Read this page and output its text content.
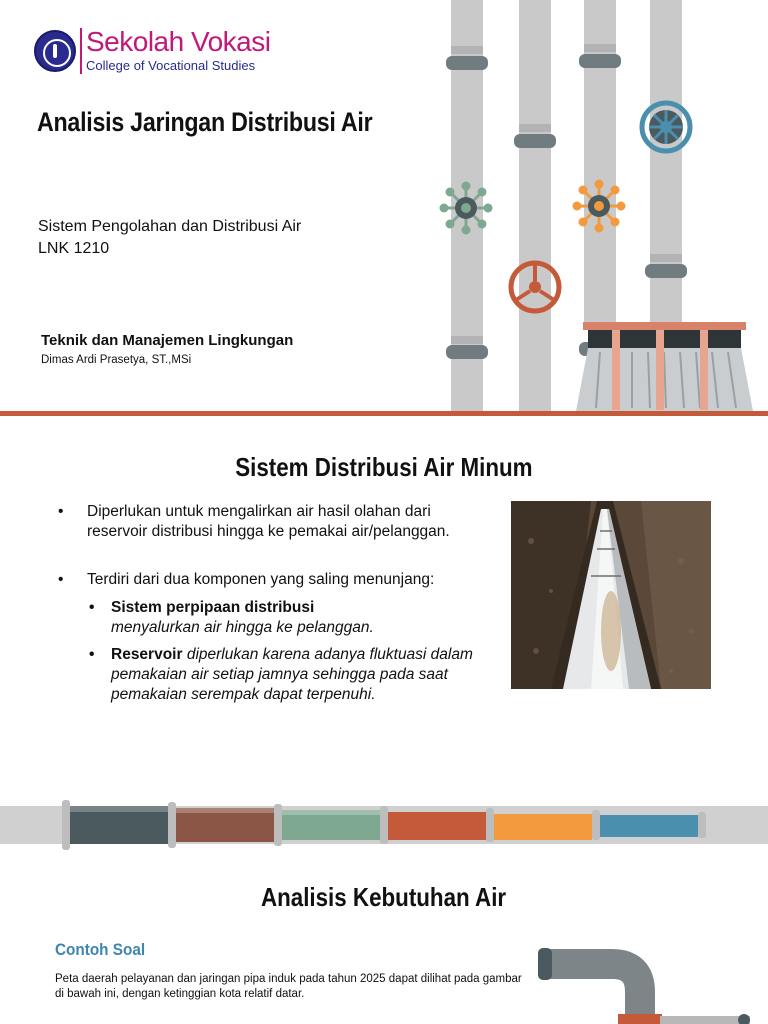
Sekolah Vokasi
College of Vocational Studies
Analisis Jaringan Distribusi Air
Sistem Pengolahan dan Distribusi Air
LNK 1210
Teknik dan Manajemen Lingkungan
Dimas Ardi Prasetya, ST.,MSi
Sistem Distribusi Air Minum
• Diperlukan untuk mengalirkan air hasil olahan dari reservoir distribusi hingga ke pemakai air/pelanggan.
• Terdiri dari dua komponen yang saling menunjang:
• Sistem perpipaan distribusi
menyalurkan air hingga ke pelanggan.
• Reservoir diperlukan karena adanya fluktuasi dalam pemakaian air setiap jamnya sehingga pada saat pemakaian serempak dapat terpenuhi.
Analisis Kebutuhan Air
Contoh Soal
Peta daerah pelayanan dan jaringan pipa induk pada tahun 2025 dapat dilihat pada gambar di bawah ini, dengan ketinggian kota relatif datar.
